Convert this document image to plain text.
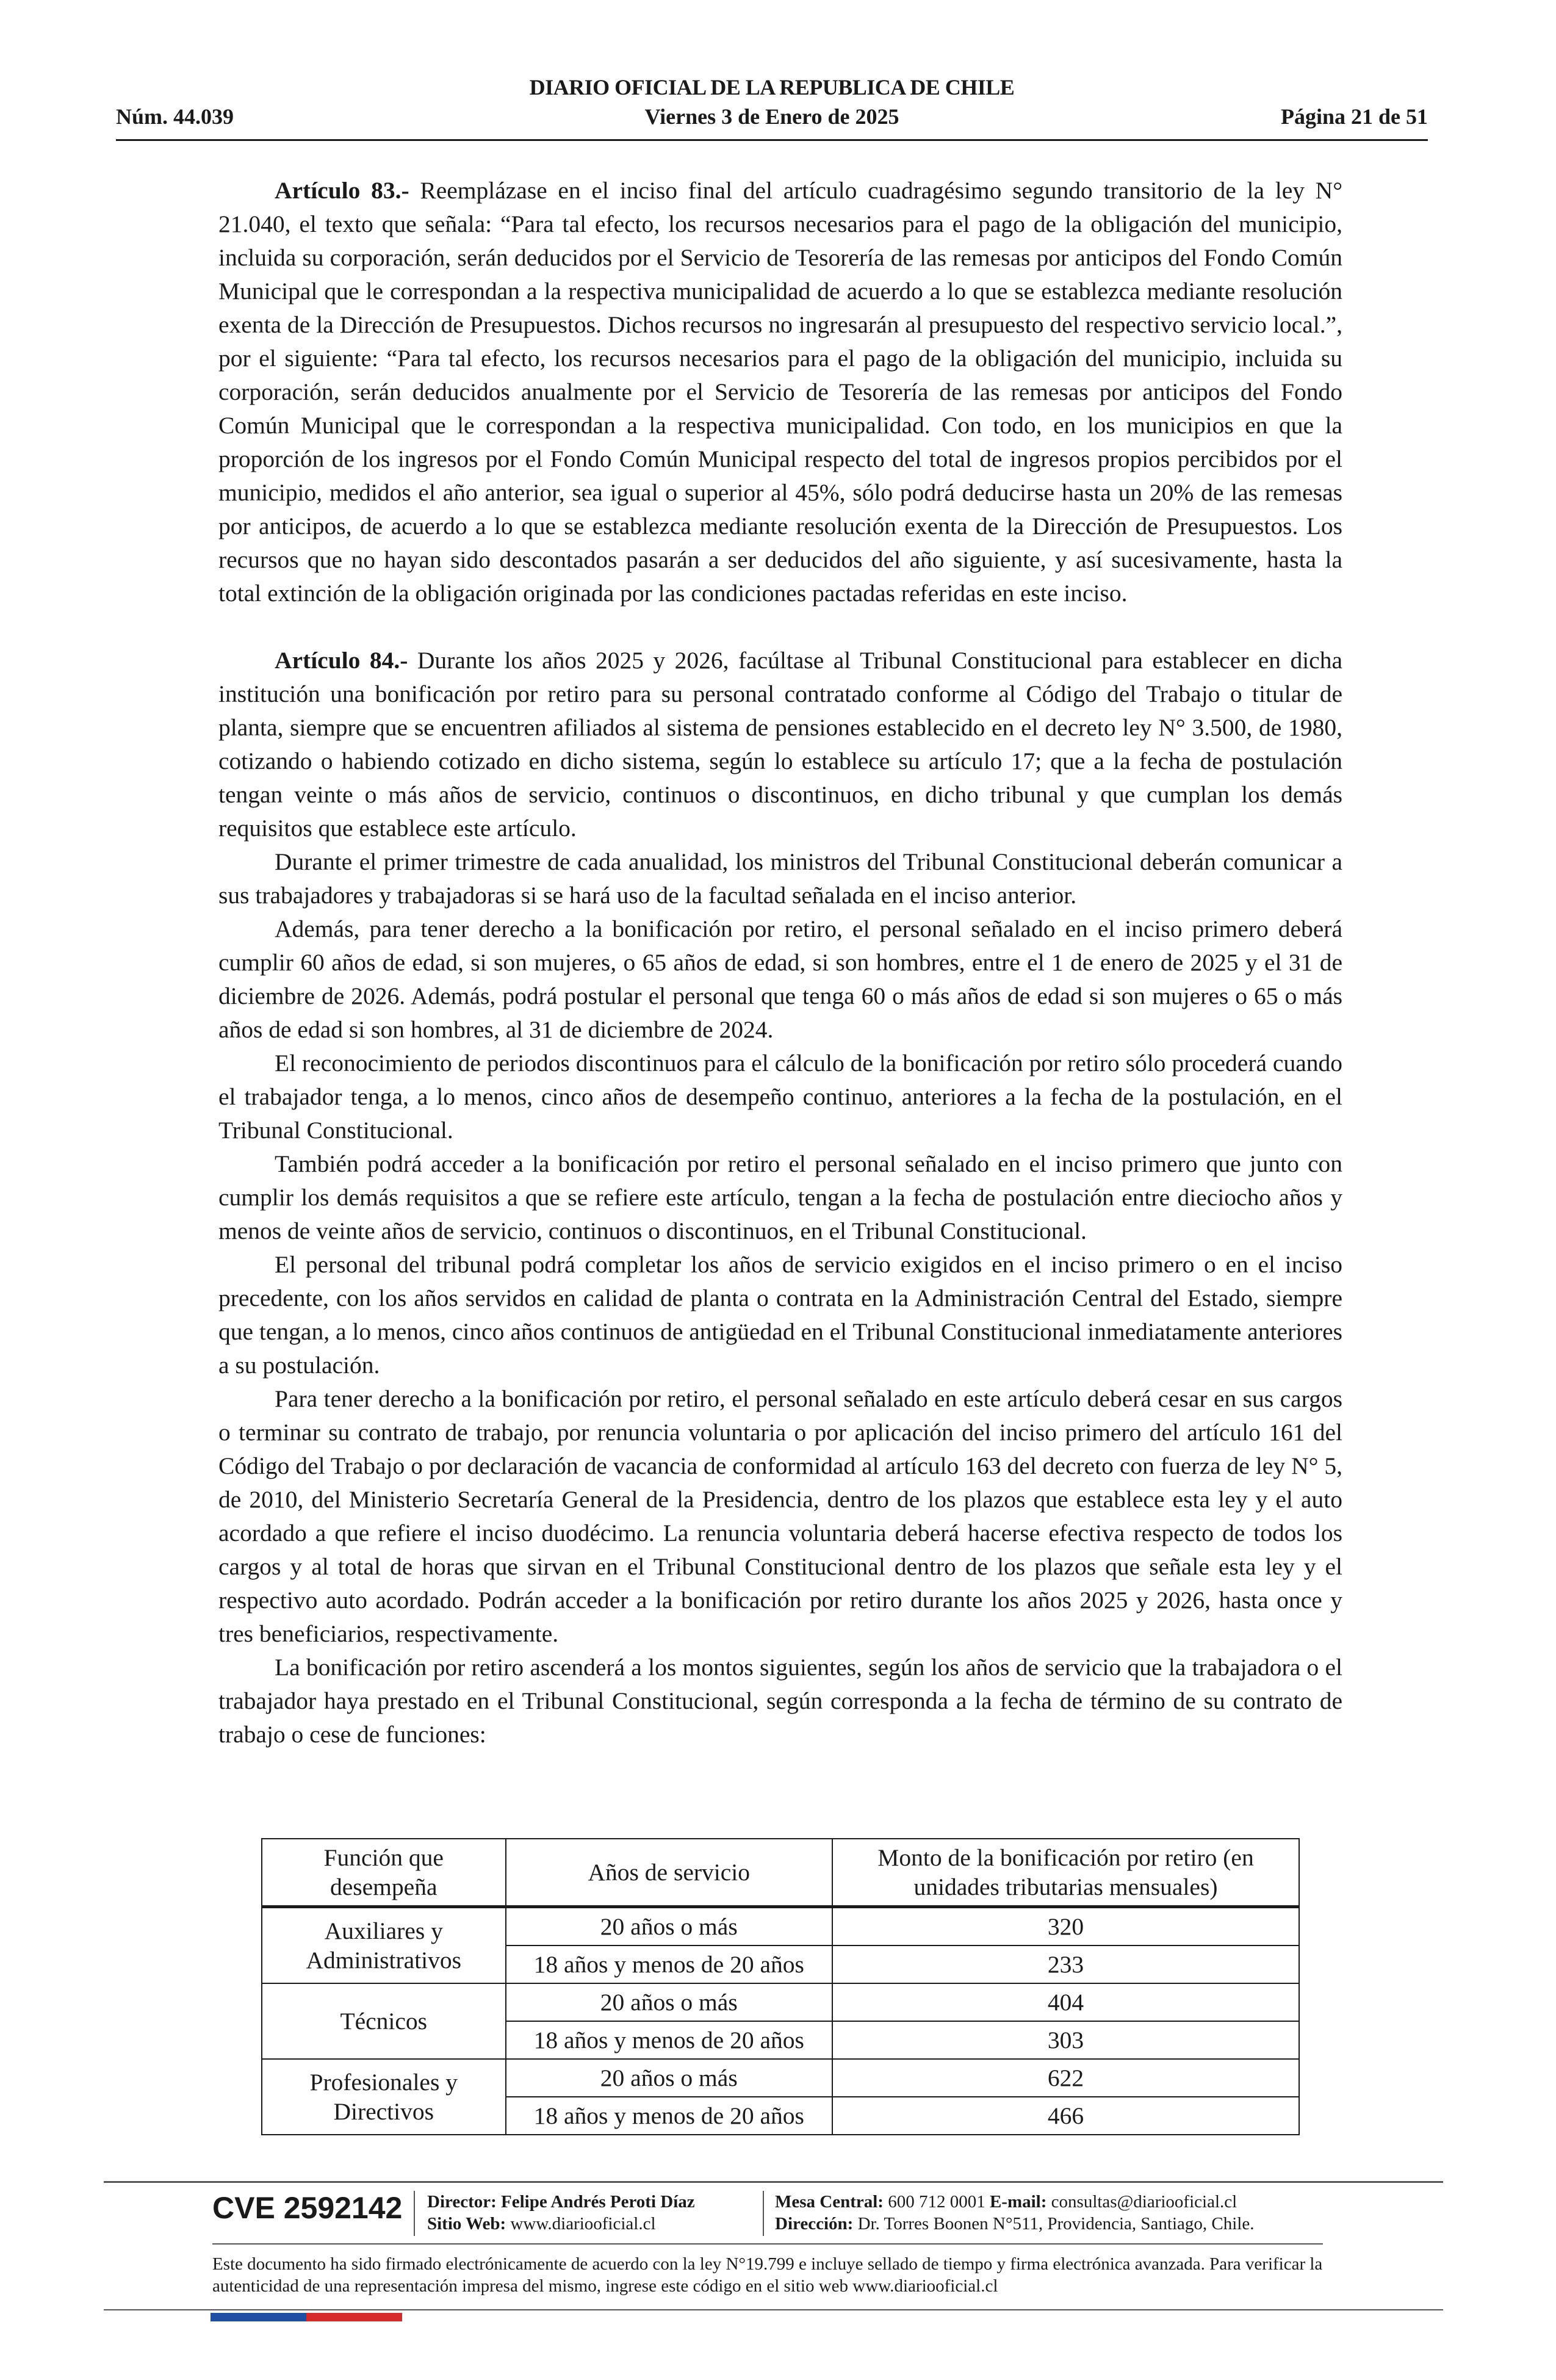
DIARIO OFICIAL DE LA REPUBLICA DE CHILE
Núm. 44.039	Viernes 3 de Enero de 2025	Página 21 de 51

Artículo 83.- Reemplázase en el inciso final del artículo cuadragésimo segundo transitorio de la ley N° 21.040, el texto que señala: “Para tal efecto, los recursos necesarios para el pago de la obligación del municipio, incluida su corporación, serán deducidos por el Servicio de Tesorería de las remesas por anticipos del Fondo Común Municipal que le correspondan a la respectiva municipalidad de acuerdo a lo que se establezca mediante resolución exenta de la Dirección de Presupuestos. Dichos recursos no ingresarán al presupuesto del respectivo servicio local.”, por el siguiente: “Para tal efecto, los recursos necesarios para el pago de la obligación del municipio, incluida su corporación, serán deducidos anualmente por el Servicio de Tesorería de las remesas por anticipos del Fondo Común Municipal que le correspondan a la respectiva municipalidad. Con todo, en los municipios en que la proporción de los ingresos por el Fondo Común Municipal respecto del total de ingresos propios percibidos por el municipio, medidos el año anterior, sea igual o superior al 45%, sólo podrá deducirse hasta un 20% de las remesas por anticipos, de acuerdo a lo que se establezca mediante resolución exenta de la Dirección de Presupuestos. Los recursos que no hayan sido descontados pasarán a ser deducidos del año siguiente, y así sucesivamente, hasta la total extinción de la obligación originada por las condiciones pactadas referidas en este inciso.

Artículo 84.- Durante los años 2025 y 2026, facúltase al Tribunal Constitucional para establecer en dicha institución una bonificación por retiro para su personal contratado conforme al Código del Trabajo o titular de planta, siempre que se encuentren afiliados al sistema de pensiones establecido en el decreto ley N° 3.500, de 1980, cotizando o habiendo cotizado en dicho sistema, según lo establece su artículo 17; que a la fecha de postulación tengan veinte o más años de servicio, continuos o discontinuos, en dicho tribunal y que cumplan los demás requisitos que establece este artículo.

Durante el primer trimestre de cada anualidad, los ministros del Tribunal Constitucional deberán comunicar a sus trabajadores y trabajadoras si se hará uso de la facultad señalada en el inciso anterior.

Además, para tener derecho a la bonificación por retiro, el personal señalado en el inciso primero deberá cumplir 60 años de edad, si son mujeres, o 65 años de edad, si son hombres, entre el 1 de enero de 2025 y el 31 de diciembre de 2026. Además, podrá postular el personal que tenga 60 o más años de edad si son mujeres o 65 o más años de edad si son hombres, al 31 de diciembre de 2024.

El reconocimiento de periodos discontinuos para el cálculo de la bonificación por retiro sólo procederá cuando el trabajador tenga, a lo menos, cinco años de desempeño continuo, anteriores a la fecha de la postulación, en el Tribunal Constitucional.

También podrá acceder a la bonificación por retiro el personal señalado en el inciso primero que junto con cumplir los demás requisitos a que se refiere este artículo, tengan a la fecha de postulación entre dieciocho años y menos de veinte años de servicio, continuos o discontinuos, en el Tribunal Constitucional.

El personal del tribunal podrá completar los años de servicio exigidos en el inciso primero o en el inciso precedente, con los años servidos en calidad de planta o contrata en la Administración Central del Estado, siempre que tengan, a lo menos, cinco años continuos de antigüedad en el Tribunal Constitucional inmediatamente anteriores a su postulación.

Para tener derecho a la bonificación por retiro, el personal señalado en este artículo deberá cesar en sus cargos o terminar su contrato de trabajo, por renuncia voluntaria o por aplicación del inciso primero del artículo 161 del Código del Trabajo o por declaración de vacancia de conformidad al artículo 163 del decreto con fuerza de ley N° 5, de 2010, del Ministerio Secretaría General de la Presidencia, dentro de los plazos que establece esta ley y el auto acordado a que refiere el inciso duodécimo. La renuncia voluntaria deberá hacerse efectiva respecto de todos los cargos y al total de horas que sirvan en el Tribunal Constitucional dentro de los plazos que señale esta ley y el respectivo auto acordado. Podrán acceder a la bonificación por retiro durante los años 2025 y 2026, hasta once y tres beneficiarios, respectivamente.

La bonificación por retiro ascenderá a los montos siguientes, según los años de servicio que la trabajadora o el trabajador haya prestado en el Tribunal Constitucional, según corresponda a la fecha de término de su contrato de trabajo o cese de funciones:

Función que desempeña	Años de servicio	Monto de la bonificación por retiro (en unidades tributarias mensuales)
Auxiliares y Administrativos	20 años o más	320
	18 años y menos de 20 años	233
Técnicos	20 años o más	404
	18 años y menos de 20 años	303
Profesionales y Directivos	20 años o más	622
	18 años y menos de 20 años	466
CVE 2592142 Director: Felipe Andrés Peroti Díaz
Sitio Web: www.diariooficial.cl
Mesa Central: 600 712 0001 E-mail: consultas@diariooficial.cl
Dirección: Dr. Torres Boonen N°511, Providencia, Santiago, Chile.
Este documento ha sido firmado electrónicamente de acuerdo con la ley N°19.799 e incluye sellado de tiempo y firma electrónica avanzada. Para verificar la autenticidad de una representación impresa del mismo, ingrese este código en el sitio web www.diariooficial.cl
